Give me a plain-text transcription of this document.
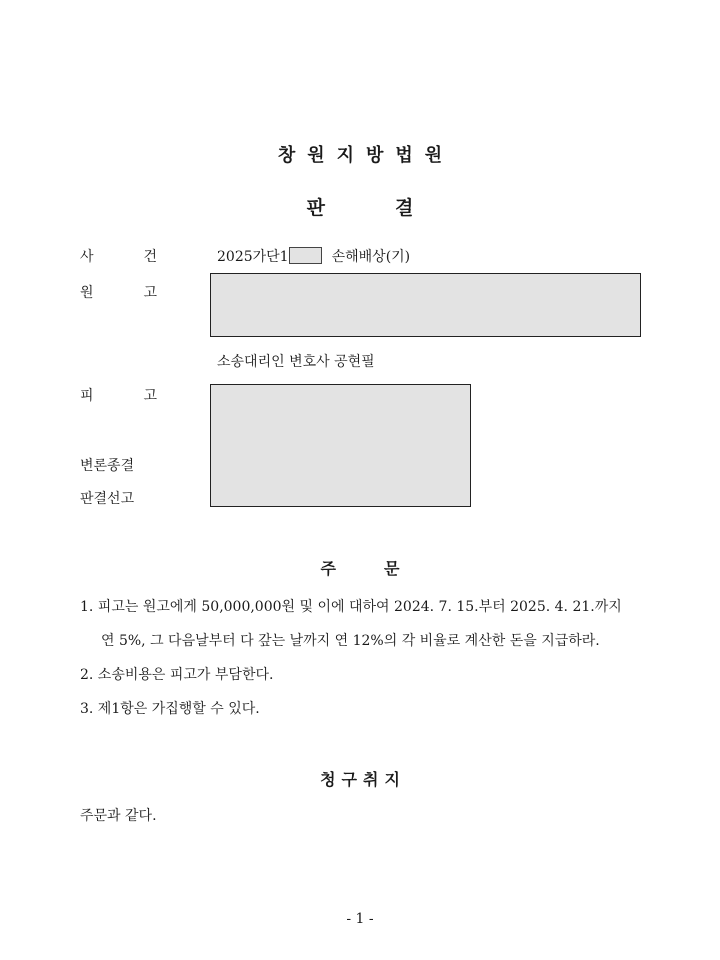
창원지방법원
판결
사 건	2025가단1	손해배상(기)
원 고
소송대리인 변호사 공현필
피 고
변론종결
판결선고
주문
1. 피고는 원고에게 50,000,000원 및 이에 대하여 2024. 7. 15.부터 2025. 4. 21.까지
연 5%, 그 다음날부터 다 갚는 날까지 연 12%의 각 비율로 계산한 돈을 지급하라.
2. 소송비용은 피고가 부담한다.
3. 제1항은 가집행할 수 있다.
청구취지
주문과 같다.
- 1 -
